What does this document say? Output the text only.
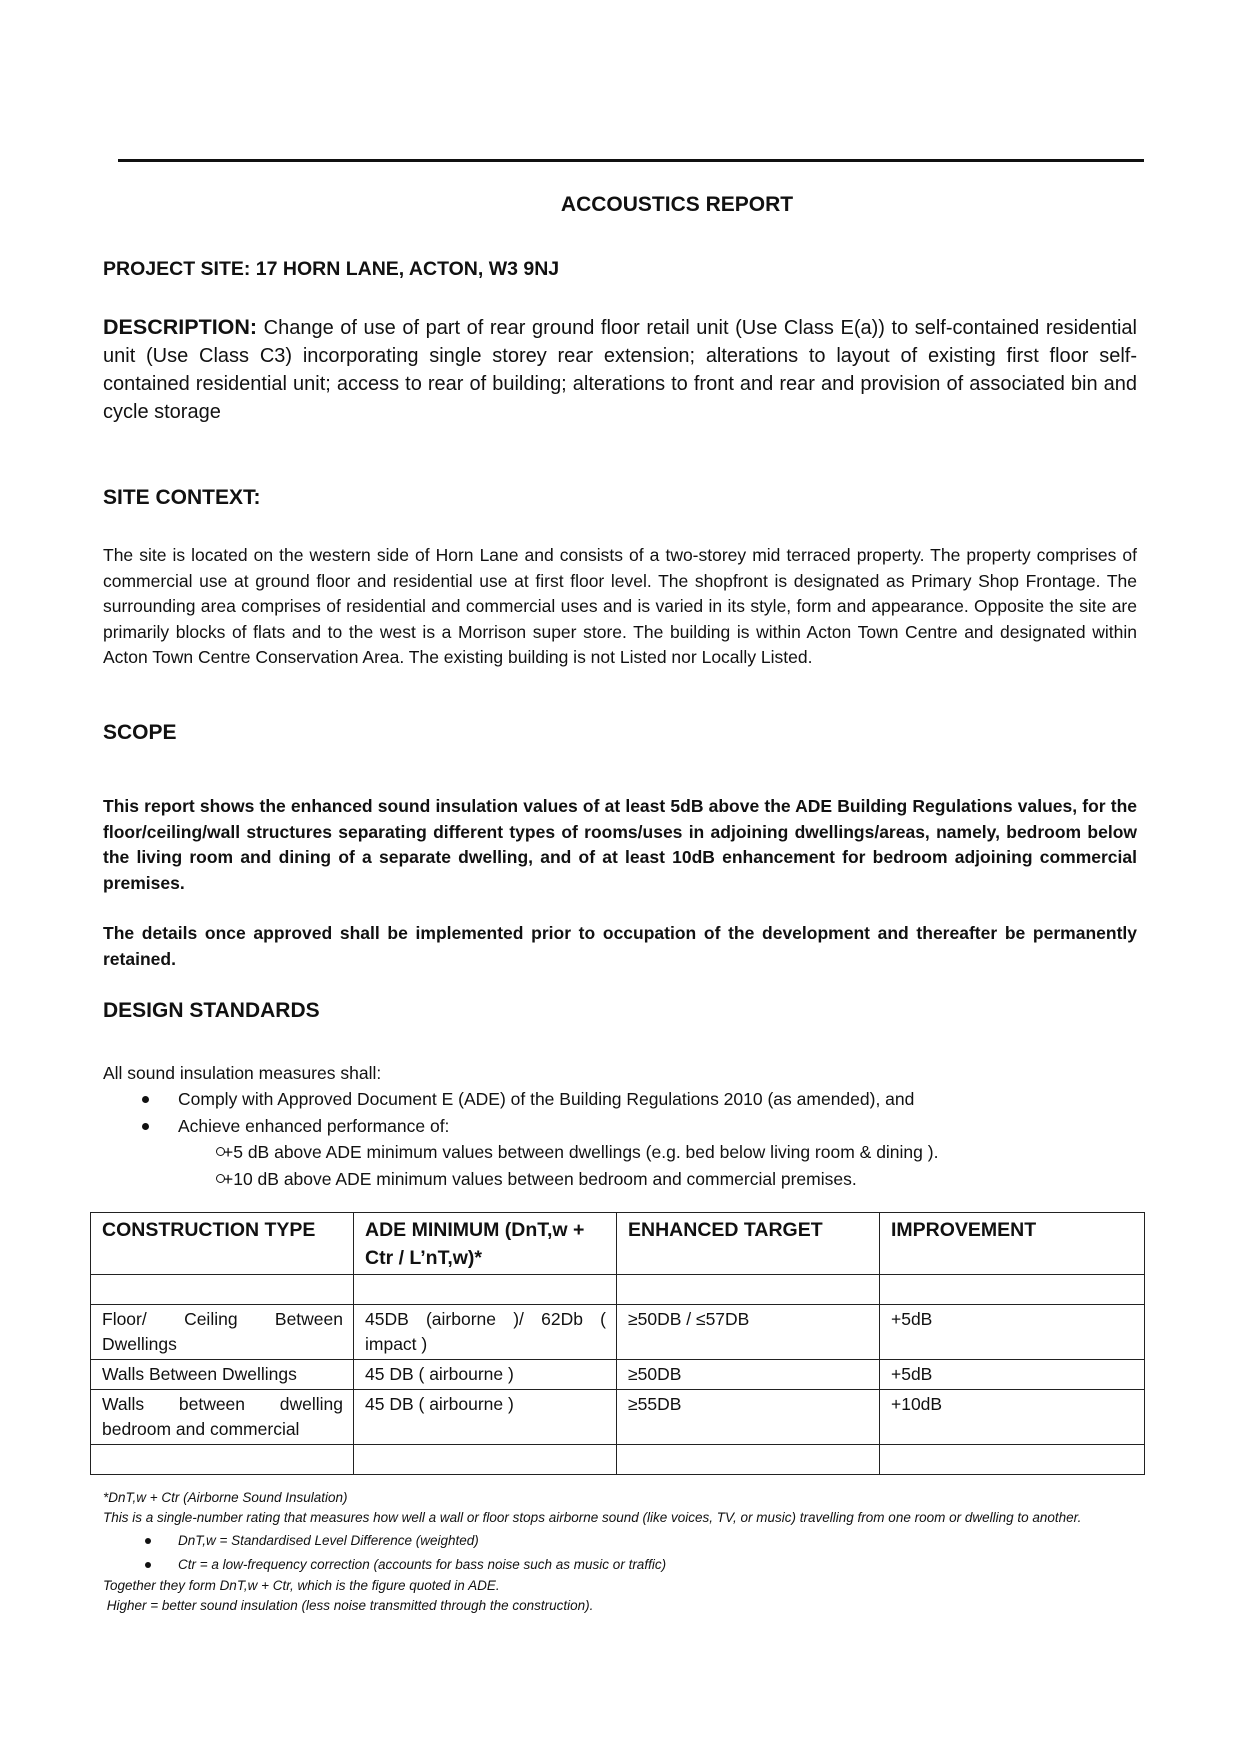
ACCOUSTICS REPORT
PROJECT SITE: 17 HORN LANE, ACTON, W3 9NJ
DESCRIPTION: Change of use of part of rear ground floor retail unit (Use Class E(a)) to self-contained residential unit (Use Class C3) incorporating single storey rear extension; alterations to layout of existing first floor self-contained residential unit; access to rear of building; alterations to front and rear and provision of associated bin and cycle storage
SITE CONTEXT:
The site is located on the western side of Horn Lane and consists of a two-storey mid terraced property. The property comprises of commercial use at ground floor and residential use at first floor level. The shopfront is designated as Primary Shop Frontage. The surrounding area comprises of residential and commercial uses and is varied in its style, form and appearance. Opposite the site are primarily blocks of flats and to the west is a Morrison super store. The building is within Acton Town Centre and designated within Acton Town Centre Conservation Area. The existing building is not Listed nor Locally Listed.
SCOPE
This report shows the enhanced sound insulation values of at least 5dB above the ADE Building Regulations values, for the floor/ceiling/wall structures separating different types of rooms/uses in adjoining dwellings/areas, namely, bedroom below the living room and dining of a separate dwelling, and of at least 10dB enhancement for bedroom adjoining commercial premises.
The details once approved shall be implemented prior to occupation of the development and thereafter be permanently retained.
DESIGN STANDARDS
All sound insulation measures shall:
Comply with Approved Document E (ADE) of the Building Regulations 2010 (as amended), and
Achieve enhanced performance of:
+5 dB above ADE minimum values between dwellings (e.g. bed below living room & dining ).
+10 dB above ADE minimum values between bedroom and commercial premises.
CONSTRUCTION TYPE	ADE MINIMUM (DnT,w + Ctr / L’nT,w)*	ENHANCED TARGET	IMPROVEMENT

Floor/ Ceiling Between Dwellings	45DB (airborne )/ 62Db ( impact )	≥50DB / ≤57DB	+5dB
Walls Between Dwellings	45 DB ( airbourne )	≥50DB	+5dB
Walls between dwelling bedroom and commercial	45 DB ( airbourne )	≥55DB	+10dB

*DnT,w + Ctr (Airborne Sound Insulation)
This is a single-number rating that measures how well a wall or floor stops airborne sound (like voices, TV, or music) travelling from one room or dwelling to another.
DnT,w = Standardised Level Difference (weighted)
Ctr = a low-frequency correction (accounts for bass noise such as music or traffic)
Together they form DnT,w + Ctr, which is the figure quoted in ADE.
Higher = better sound insulation (less noise transmitted through the construction).
